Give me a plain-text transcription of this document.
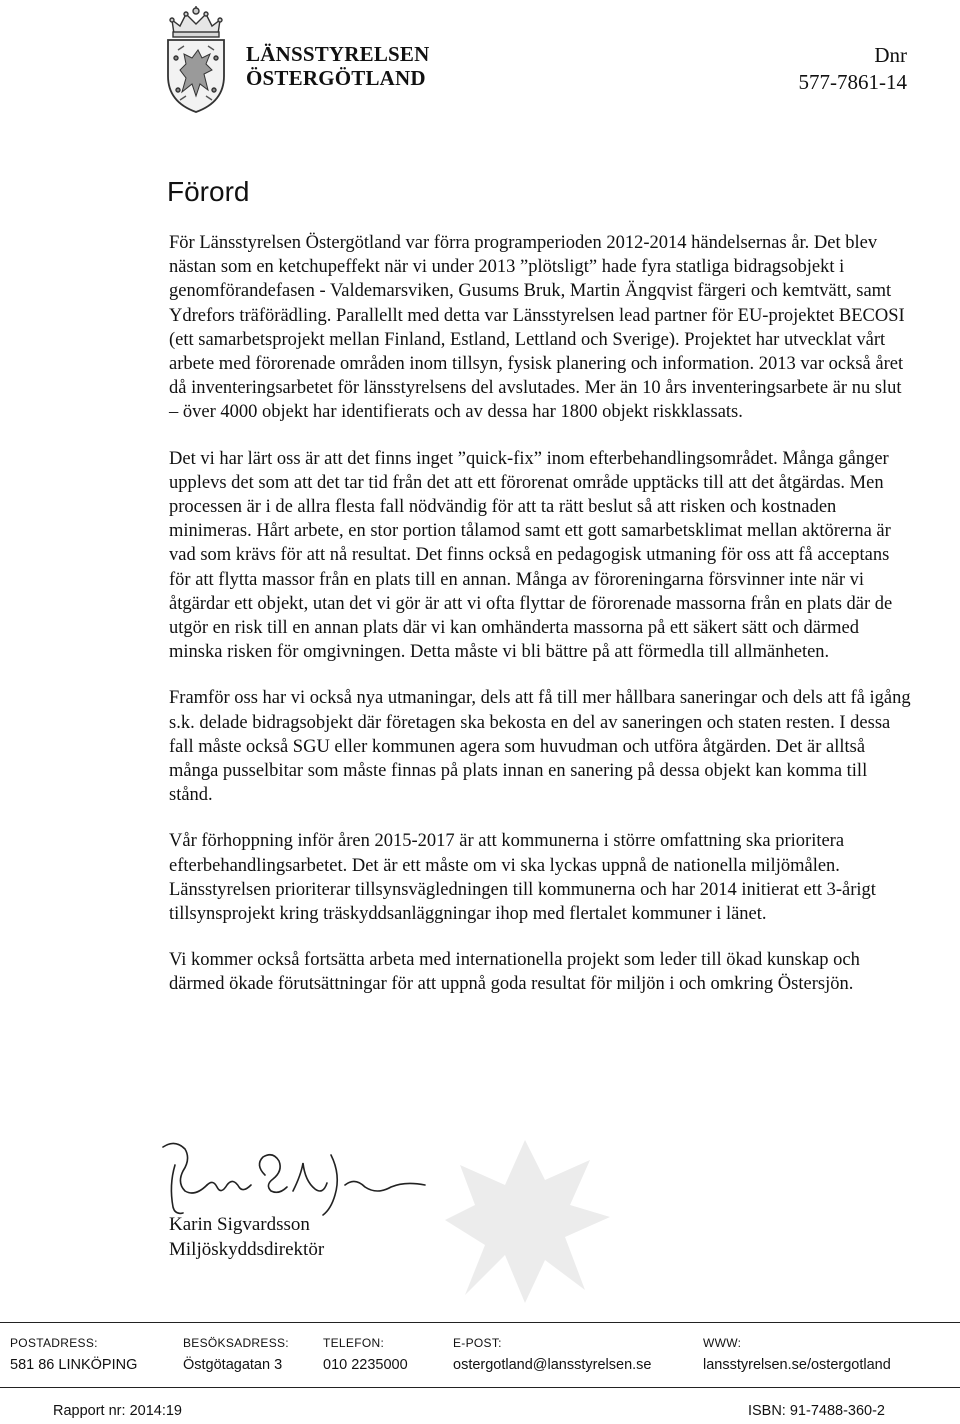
LÄNSSTYRELSEN
ÖSTERGÖTLAND
Dnr
577-7861-14
Förord

För Länsstyrelsen Östergötland var förra programperioden 2012-2014 händelsernas år. Det blev nästan som en ketchupeffekt när vi under 2013 ”plötsligt” hade fyra statliga bidragsobjekt i genomförandefasen - Valdemarsviken, Gusums Bruk, Martin Ängqvist färgeri och kemtvätt, samt Ydrefors träförädling. Parallellt med detta var Länsstyrelsen lead partner för EU-projektet BECOSI (ett samarbetsprojekt mellan Finland, Estland, Lettland och Sverige). Projektet har utvecklat vårt arbete med förorenade områden inom tillsyn, fysisk planering och information. 2013 var också året då inventeringsarbetet för länsstyrelsens del avslutades. Mer än 10 års inventeringsarbete är nu slut – över 4000 objekt har identifierats och av dessa har 1800 objekt riskklassats.

Det vi har lärt oss är att det finns inget ”quick-fix” inom efterbehandlingsområdet. Många gånger upplevs det som att det tar tid från det att ett förorenat område upptäcks till att det åtgärdas. Men processen är i de allra flesta fall nödvändig för att ta rätt beslut så att risken och kostnaden minimeras. Hårt arbete, en stor portion tålamod samt ett gott samarbetsklimat mellan aktörerna är vad som krävs för att nå resultat. Det finns också en pedagogisk utmaning för oss att få acceptans för att flytta massor från en plats till en annan. Många av föroreningarna försvinner inte när vi åtgärdar ett objekt, utan det vi gör är att vi ofta flyttar de förorenade massorna från en plats där de utgör en risk till en annan plats där vi kan omhänderta massorna på ett säkert sätt och därmed minska risken för omgivningen. Detta måste vi bli bättre på att förmedla till allmänheten.

Framför oss har vi också nya utmaningar, dels att få till mer hållbara saneringar och dels att få igång s.k. delade bidragsobjekt där företagen ska bekosta en del av saneringen och staten resten. I dessa fall måste också SGU eller kommunen agera som huvudman och utföra åtgärden. Det är alltså många pusselbitar som måste finnas på plats innan en sanering på dessa objekt kan komma till stånd.

Vår förhoppning inför åren 2015-2017 är att kommunerna i större omfattning ska prioritera efterbehandlingsarbetet. Det är ett måste om vi ska lyckas uppnå de nationella miljömålen. Länsstyrelsen prioriterar tillsynsvägledningen till kommunerna och har 2014 initierat ett 3-årigt tillsynsprojekt kring träskyddsanläggningar ihop med flertalet kommuner i länet.

Vi kommer också fortsätta arbeta med internationella projekt som leder till ökad kunskap och därmed ökade förutsättningar för att uppnå goda resultat för miljön i och omkring Östersjön.

Karin Sigvardsson
Miljöskyddsdirektör
POSTADRESS:
581 86 LINKÖPING
BESÖKSADRESS:
Östgötagatan 3
TELEFON:
010 2235000
E-POST:
ostergotland@lansstyrelsen.se
WWW:
lansstyrelsen.se/ostergotland
Rapport nr: 2014:19	ISBN: 91-7488-360-2
